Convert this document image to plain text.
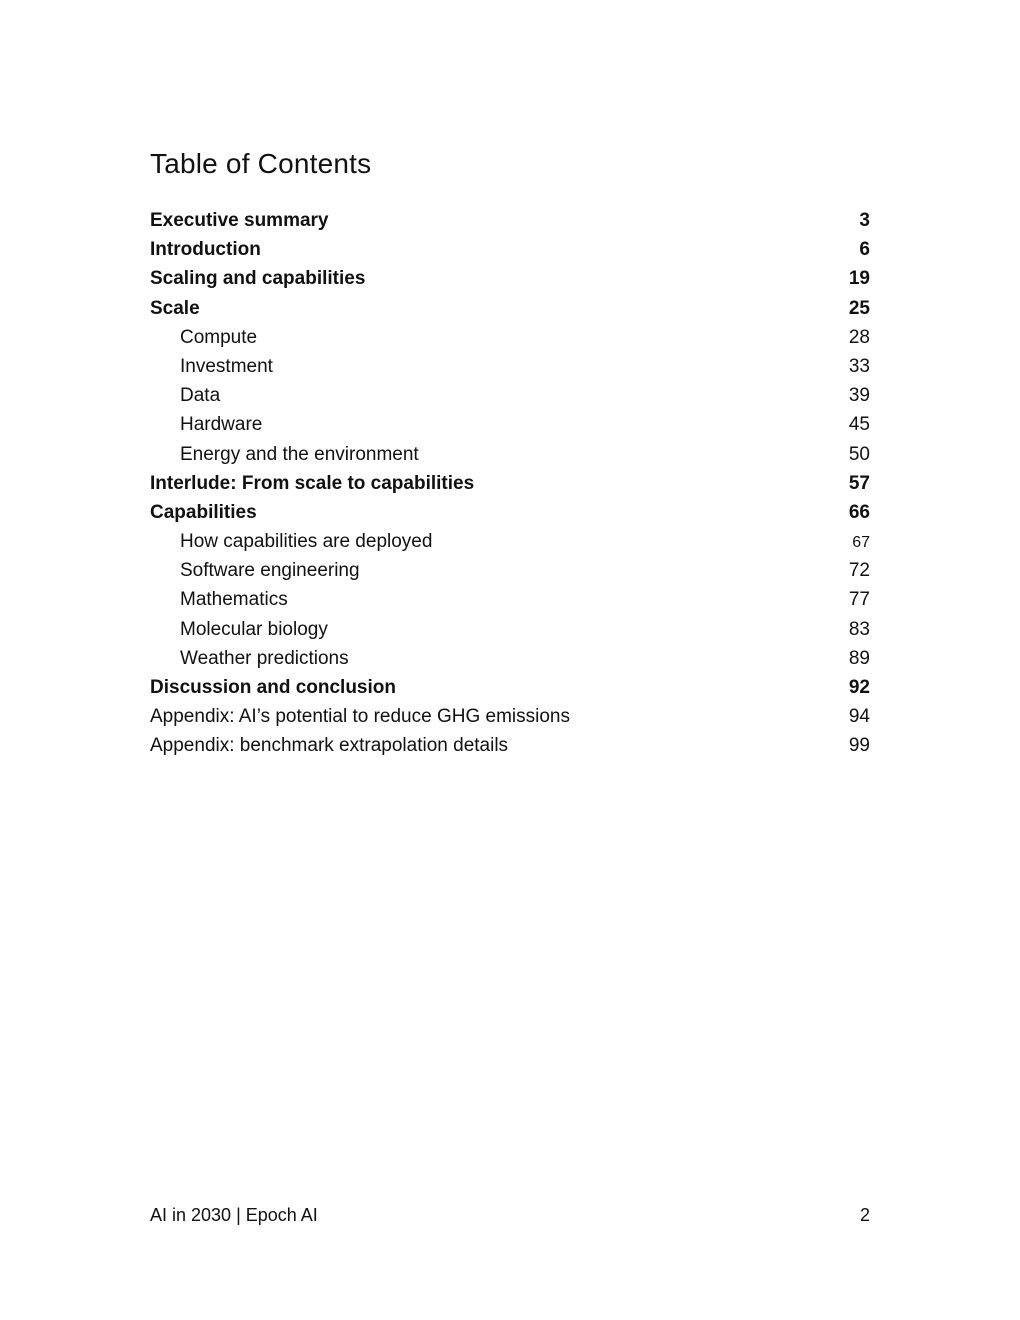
Table of Contents
Executive summary	3
Introduction	6
Scaling and capabilities	19
Scale	25
Compute	28
Investment	33
Data	39
Hardware	45
Energy and the environment	50
Interlude: From scale to capabilities	57
Capabilities	66
How capabilities are deployed	67
Software engineering	72
Mathematics	77
Molecular biology	83
Weather predictions	89
Discussion and conclusion	92
Appendix: AI’s potential to reduce GHG emissions	94
Appendix: benchmark extrapolation details	99
AI in 2030 | Epoch AI	2
